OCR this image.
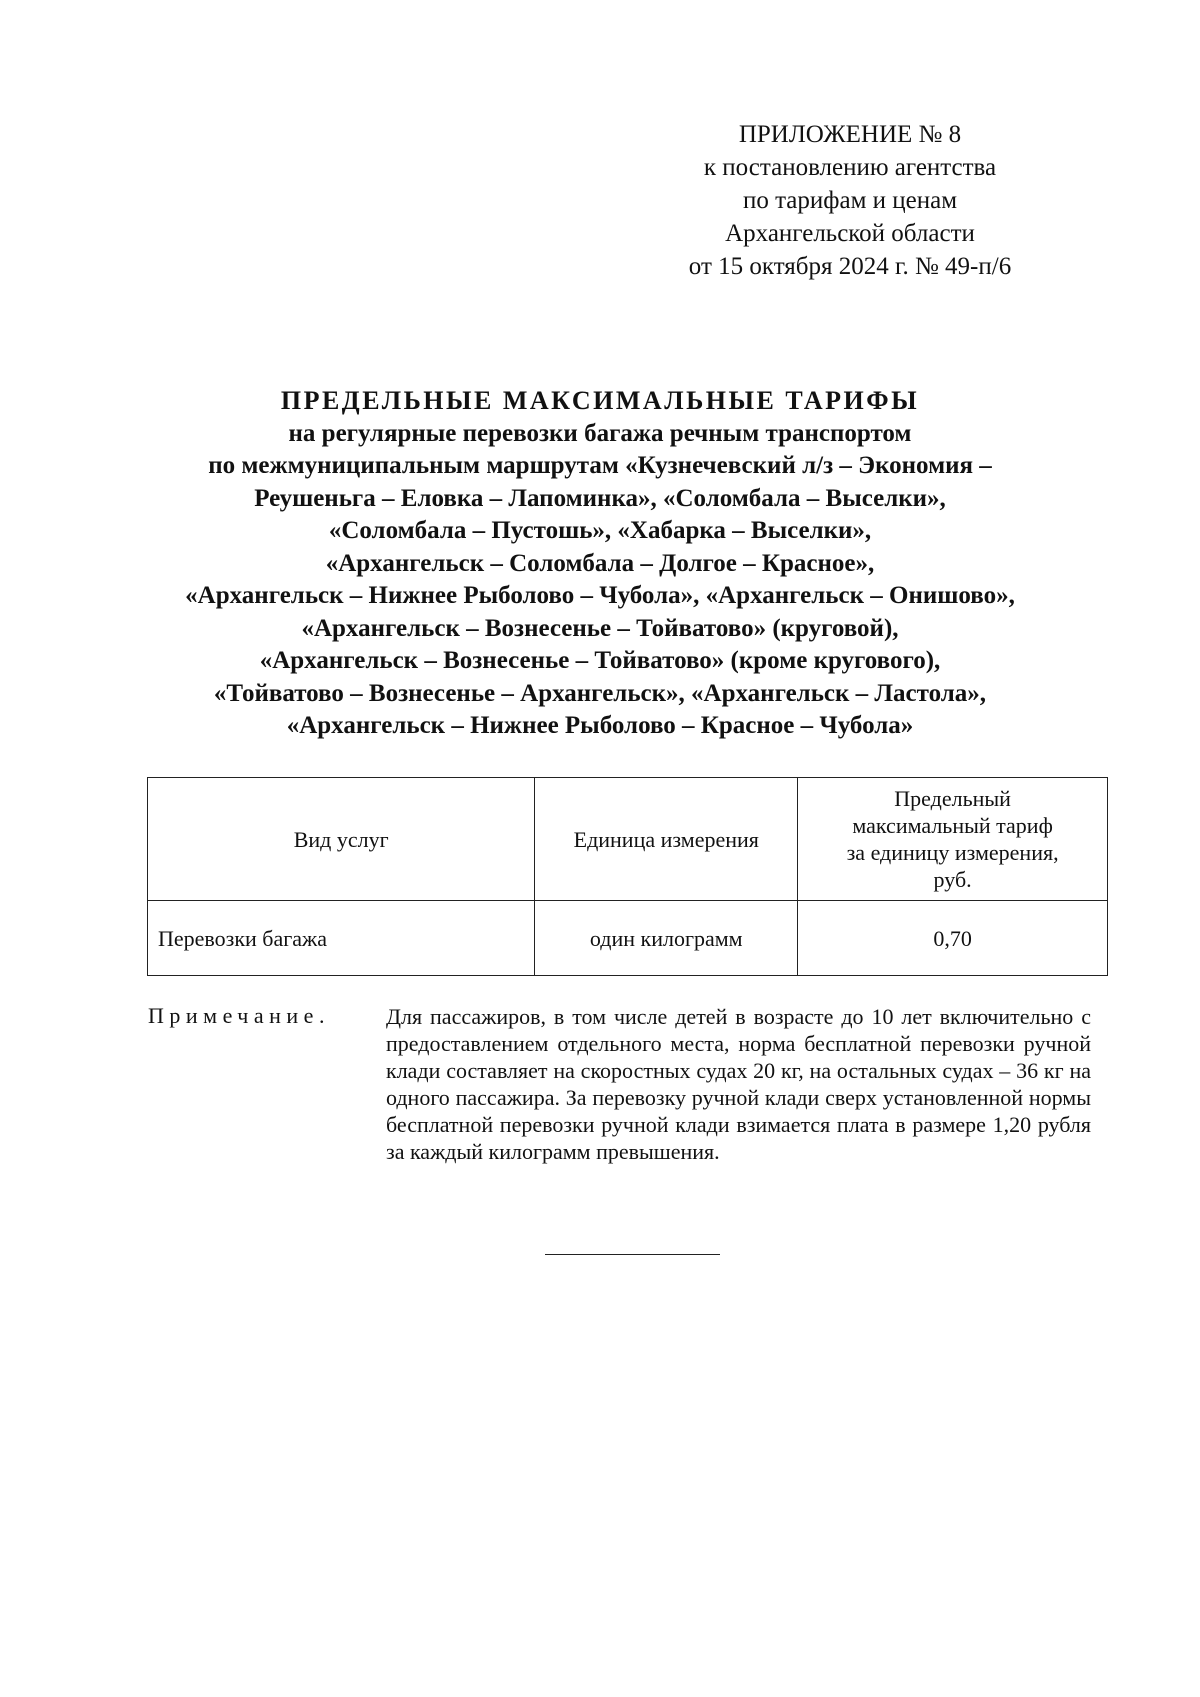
ПРИЛОЖЕНИЕ № 8
к постановлению агентства
по тарифам и ценам
Архангельской области
от 15 октября 2024 г. № 49-п/6
ПРЕДЕЛЬНЫЕ МАКСИМАЛЬНЫЕ ТАРИФЫ
на регулярные перевозки багажа речным транспортом
по межмуниципальным маршрутам «Кузнечевский л/з – Экономия –
Реушеньга – Еловка – Лапоминка», «Соломбала – Выселки»,
«Соломбала – Пустошь», «Хабарка – Выселки»,
«Архангельск – Соломбала – Долгое – Красное»,
«Архангельск – Нижнее Рыболово – Чубола», «Архангельск – Онишово»,
«Архангельск – Вознесенье – Тойватово» (круговой),
«Архангельск – Вознесенье – Тойватово» (кроме кругового),
«Тойватово – Вознесенье – Архангельск», «Архангельск – Ластола»,
«Архангельск – Нижнее Рыболово – Красное – Чубола»
Вид услуг	Единица измерения	Предельный
максимальный тариф
за единицу измерения,
руб.

Перевозки багажа	один килограмм	0,70
Примечание.	Для пассажиров, в том числе детей в возрасте до 10 лет включительно с предоставлением отдельного места, норма бесплатной перевозки ручной клади составляет на скоростных судах 20 кг, на остальных судах – 36 кг на одного пассажира. За перевозку ручной клади сверх установленной нормы бесплатной перевозки ручной клади взимается плата в размере 1,20 рубля за каждый килограмм превышения.
